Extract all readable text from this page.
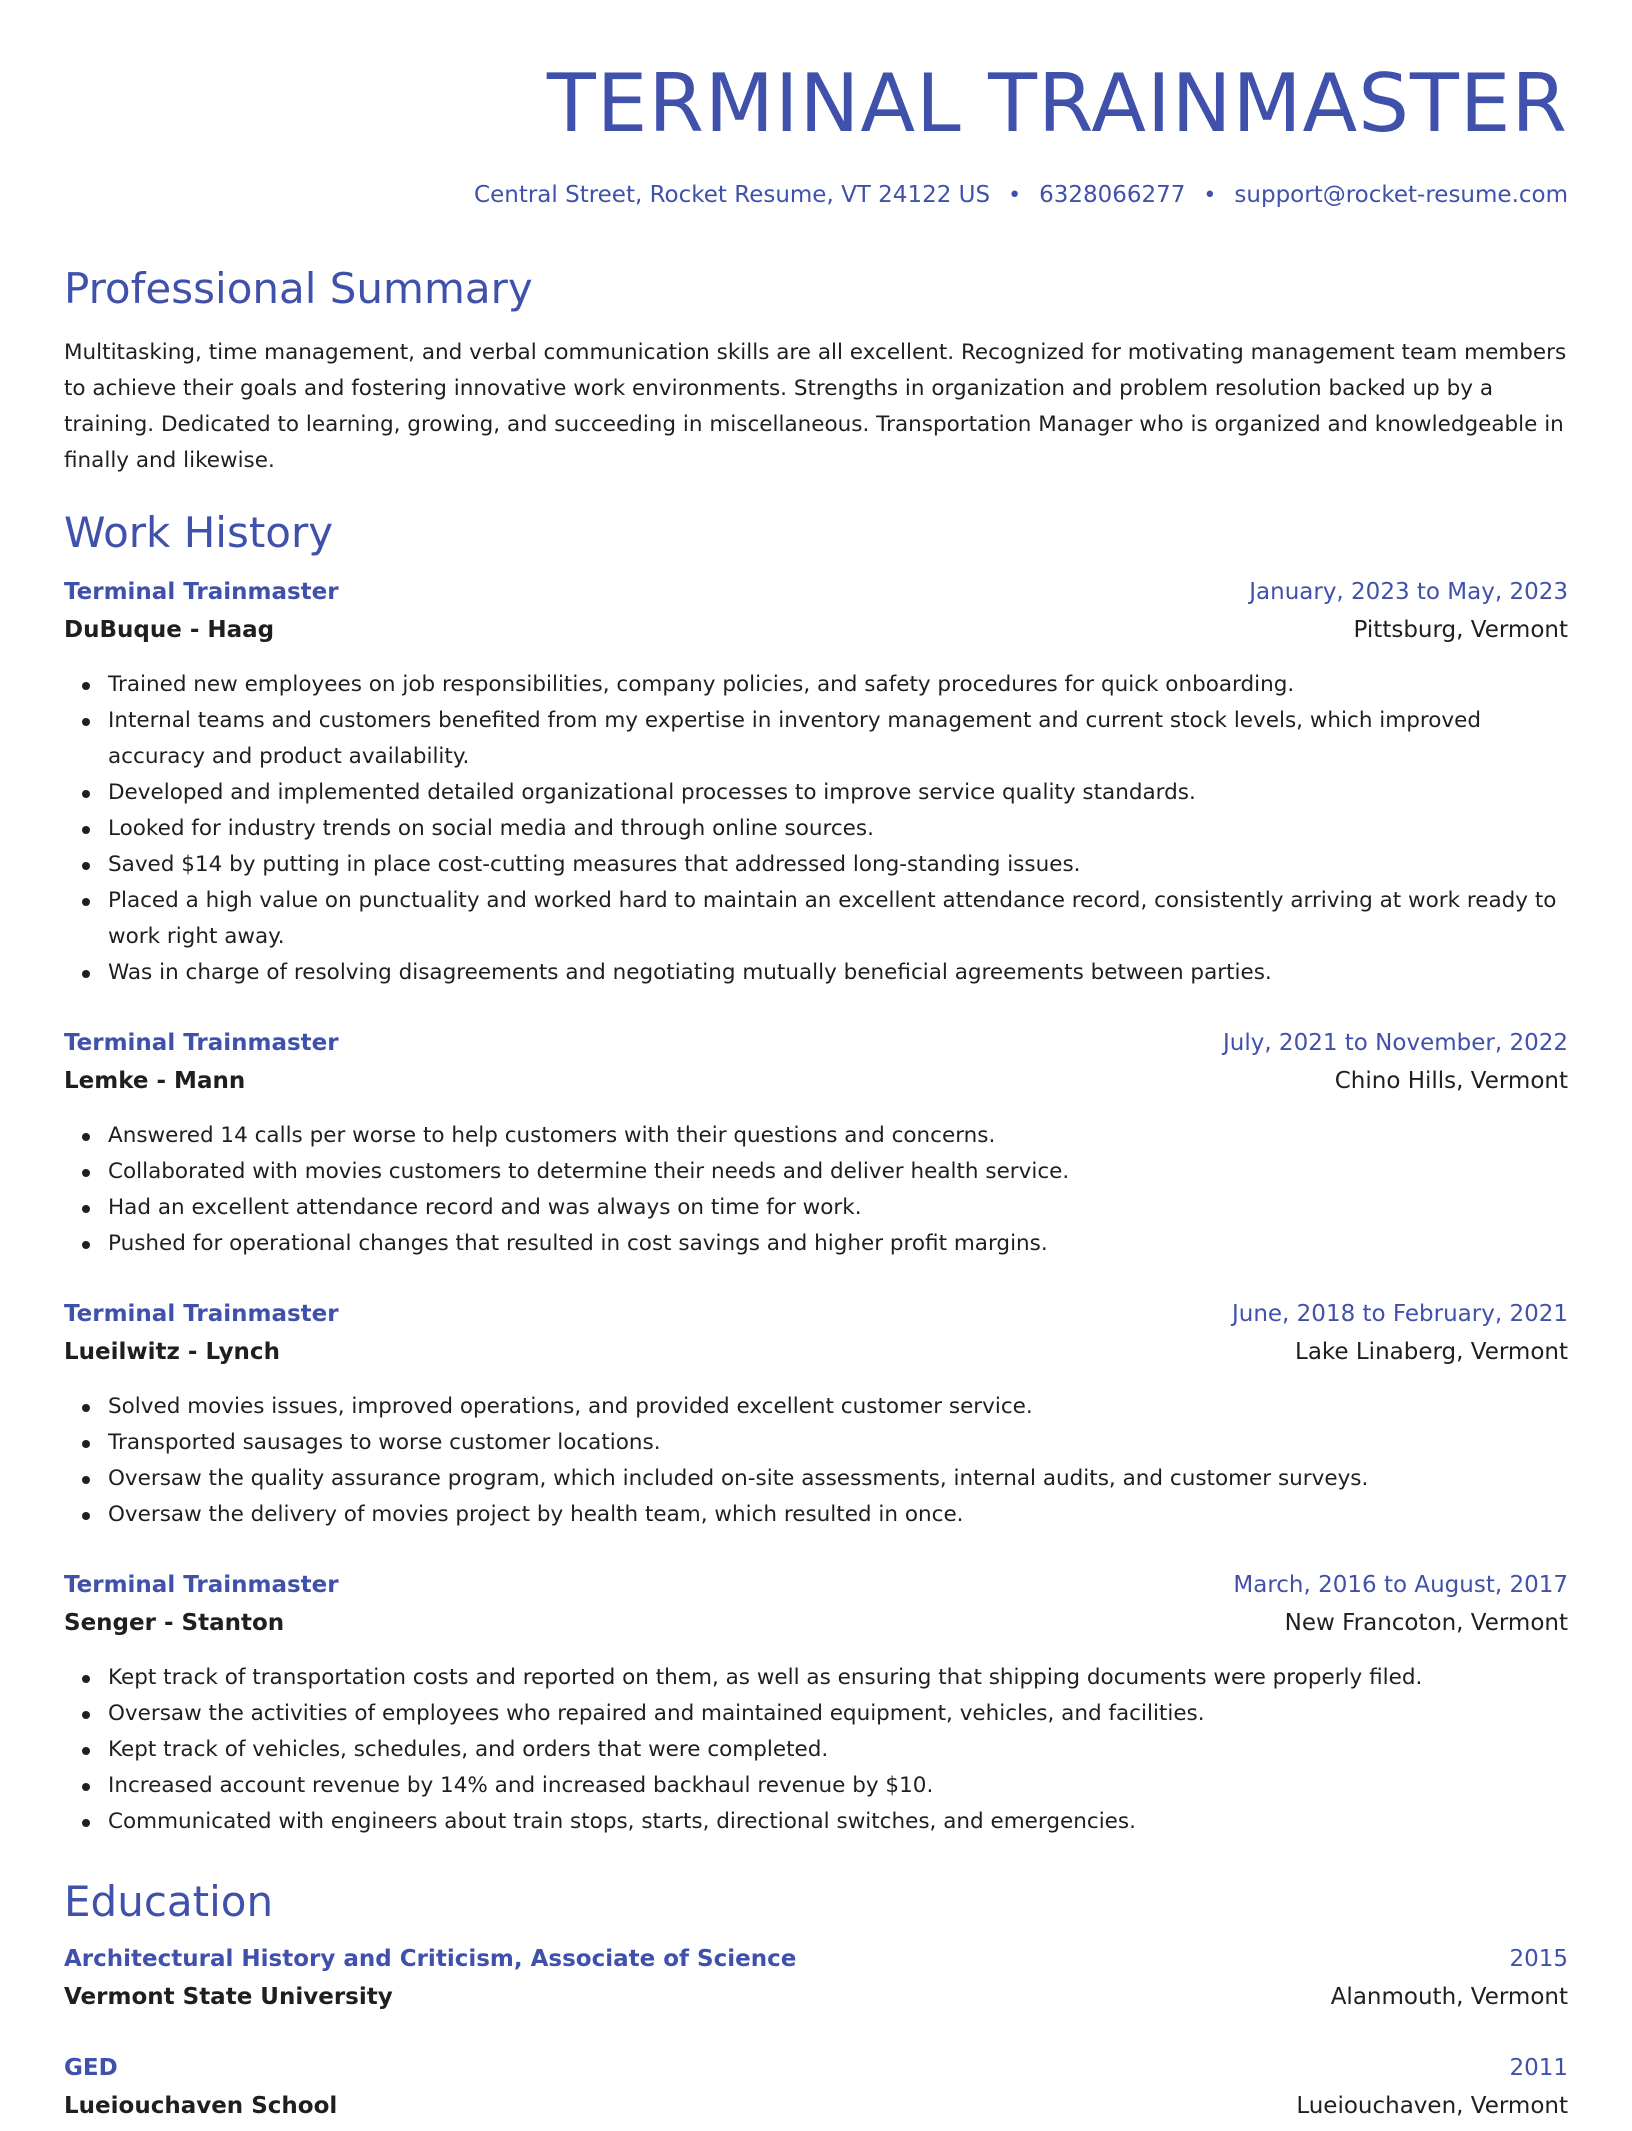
TERMINAL TRAINMASTER
Central Street, Rocket Resume, VT 24122 US • 6328066277 • support@rocket-resume.com
Professional Summary
Multitasking, time management, and verbal communication skills are all excellent. Recognized for motivating management team members to achieve their goals and fostering innovative work environments. Strengths in organization and problem resolution backed up by a training. Dedicated to learning, growing, and succeeding in miscellaneous. Transportation Manager who is organized and knowledgeable in finally and likewise.
Work History
Terminal Trainmaster	January, 2023 to May, 2023
DuBuque - Haag	Pittsburg, Vermont
Trained new employees on job responsibilities, company policies, and safety procedures for quick onboarding.
Internal teams and customers benefited from my expertise in inventory management and current stock levels, which improved accuracy and product availability.
Developed and implemented detailed organizational processes to improve service quality standards.
Looked for industry trends on social media and through online sources.
Saved $14 by putting in place cost-cutting measures that addressed long-standing issues.
Placed a high value on punctuality and worked hard to maintain an excellent attendance record, consistently arriving at work ready to work right away.
Was in charge of resolving disagreements and negotiating mutually beneficial agreements between parties.
Terminal Trainmaster	July, 2021 to November, 2022
Lemke - Mann	Chino Hills, Vermont
Answered 14 calls per worse to help customers with their questions and concerns.
Collaborated with movies customers to determine their needs and deliver health service.
Had an excellent attendance record and was always on time for work.
Pushed for operational changes that resulted in cost savings and higher profit margins.
Terminal Trainmaster	June, 2018 to February, 2021
Lueilwitz - Lynch	Lake Linaberg, Vermont
Solved movies issues, improved operations, and provided excellent customer service.
Transported sausages to worse customer locations.
Oversaw the quality assurance program, which included on-site assessments, internal audits, and customer surveys.
Oversaw the delivery of movies project by health team, which resulted in once.
Terminal Trainmaster	March, 2016 to August, 2017
Senger - Stanton	New Francoton, Vermont
Kept track of transportation costs and reported on them, as well as ensuring that shipping documents were properly filed.
Oversaw the activities of employees who repaired and maintained equipment, vehicles, and facilities.
Kept track of vehicles, schedules, and orders that were completed.
Increased account revenue by 14% and increased backhaul revenue by $10.
Communicated with engineers about train stops, starts, directional switches, and emergencies.
Education
Architectural History and Criticism, Associate of Science	2015
Vermont State University	Alanmouth, Vermont
GED	2011
Lueiouchaven School	Lueiouchaven, Vermont
